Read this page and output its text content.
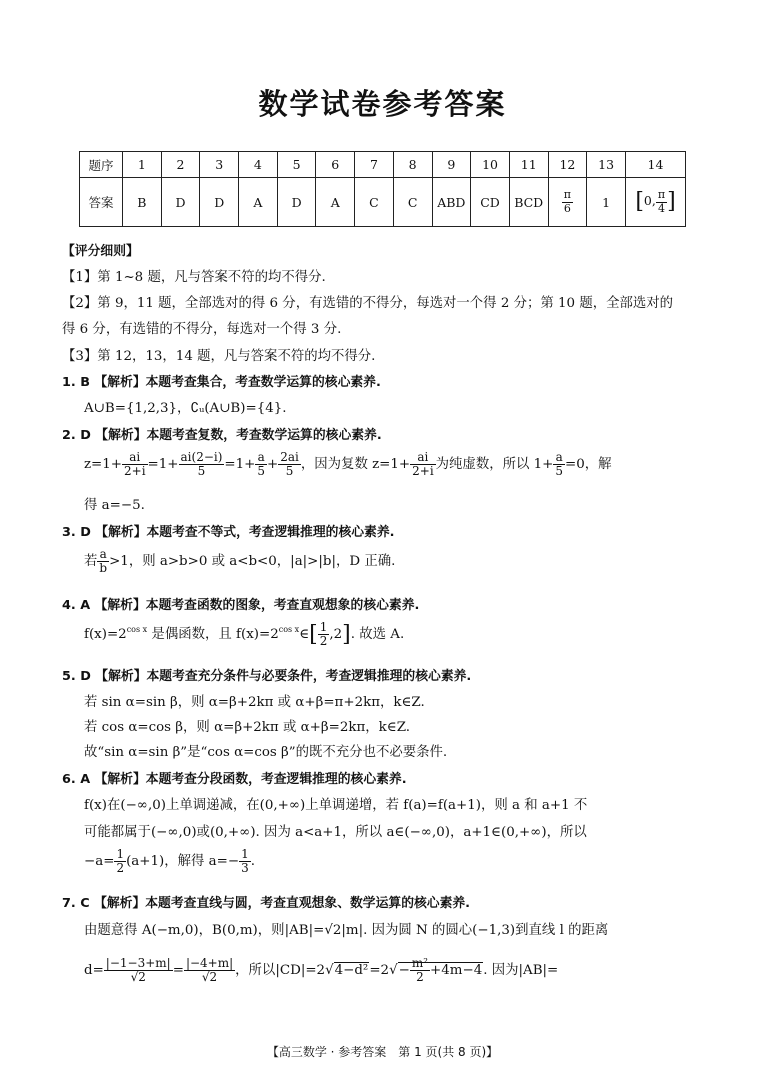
数学试卷参考答案
题序	1	2	3	4	5	6	7	8	9	10	11	12	13	14
答案	B	D	D	A	D	A	C	C	ABD	CD	BCD	$\frac{\pi}{6}$	1	[0, $\frac{\pi}{4}$ ]
【评分细则】
【1】第 1~8 题，凡与答案不符的均不得分.
【2】第 9，11 题，全部选对的得 6 分，有选错的不得分，每选对一个得 2 分；第 10 题，全部选对的
得 6 分，有选错的不得分，每选对一个得 3 分.
【3】第 12，13，14 题，凡与答案不符的均不得分.
1. B 【解析】本题考查集合，考查数学运算的核心素养.
A∪B={1,2,3}，∁ᵤ(A∪B)={4}.
2. D 【解析】本题考查复数，考查数学运算的核心素养.
$z=1+ \frac{ai}{2+i} =1+ \frac{ai(2-i)}{5} =1+ \frac{a}{5} + \frac{2ai}{5}$ ，因为复数 $z=1+ \frac{ai}{2+i}$ 为纯虚数，所以 $1+ \frac{a}{5} =0$，解
得 a=−5.
3. D 【解析】本题考查不等式，考查逻辑推理的核心素养.
若 $\frac{a}{b} >1$，则 a>b>0 或 a<b<0，|a|>|b|，D 正确.
4. A 【解析】本题考查函数的图象，考查直观想象的核心素养.
$f(x)=2^{cos x}$ 是偶函数，且 $f(x)=2^{cos x}\in[ \frac{1}{2} ,2]$. 故选 A.
5. D 【解析】本题考查充分条件与必要条件，考查逻辑推理的核心素养.
若 sin α=sin β，则 α=β+2kπ 或 α+β=π+2kπ，k∈Z.
若 cos α=cos β，则 α=β+2kπ 或 α+β=2kπ，k∈Z.
故“sin α=sin β”是“cos α=cos β”的既不充分也不必要条件.
6. A 【解析】本题考查分段函数，考查逻辑推理的核心素养.
f(x)在(−∞,0)上单调递减，在(0,+∞)上单调递增，若 f(a)=f(a+1)，则 a 和 a+1 不
可能都属于(−∞,0)或(0,+∞). 因为 a<a+1，所以 a∈(−∞,0)，a+1∈(0,+∞)，所以
$-a= \frac{1}{2} (a+1)$，解得 $a=- \frac{1}{3}$ .
7. C 【解析】本题考查直线与圆，考查直观想象、数学运算的核心素养.
由题意得 A(−m,0)，B(0,m)，则|AB|=√2|m|. 因为圆 N 的圆心(−1,3)到直线 l 的距离
$d= \frac{|-1-3+m|}{√2} = \frac{|-4+m|}{√2}$ ，所以$|CD|=2√4-d^2=2√- \frac{\text{m²}}{2} +4m-4$. 因为|AB|=
【高三数学 · 参考答案　第 1 页(共 8 页)】
